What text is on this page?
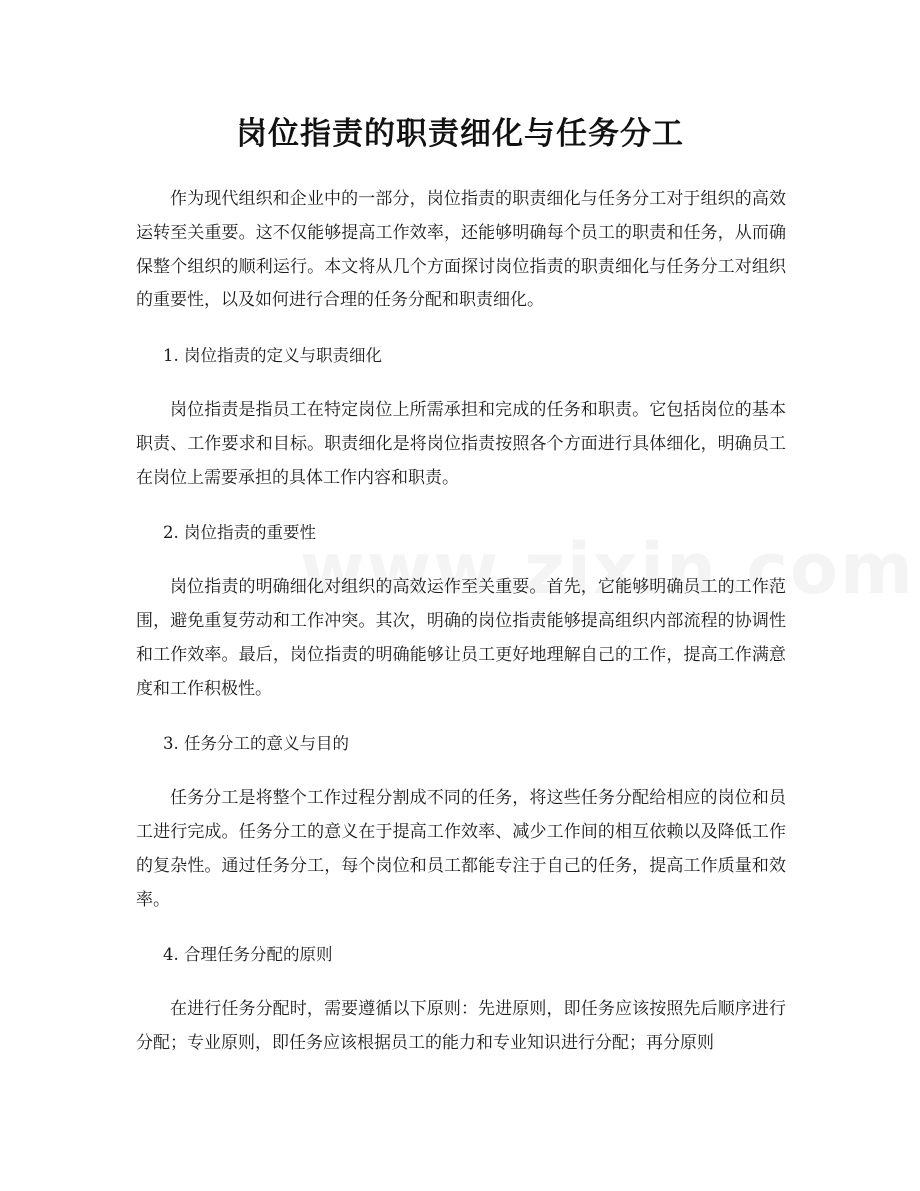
岗位指责的职责细化与任务分工

作为现代组织和企业中的一部分，岗位指责的职责细化与任务分工对于组织的高效运转至关重要。这不仅能够提高工作效率，还能够明确每个员工的职责和任务，从而确保整个组织的顺利运行。本文将从几个方面探讨岗位指责的职责细化与任务分工对组织的重要性，以及如何进行合理的任务分配和职责细化。

1. 岗位指责的定义与职责细化

岗位指责是指员工在特定岗位上所需承担和完成的任务和职责。它包括岗位的基本职责、工作要求和目标。职责细化是将岗位指责按照各个方面进行具体细化，明确员工在岗位上需要承担的具体工作内容和职责。

2. 岗位指责的重要性

岗位指责的明确细化对组织的高效运作至关重要。首先，它能够明确员工的工作范围，避免重复劳动和工作冲突。其次，明确的岗位指责能够提高组织内部流程的协调性和工作效率。最后，岗位指责的明确能够让员工更好地理解自己的工作，提高工作满意度和工作积极性。

3. 任务分工的意义与目的

任务分工是将整个工作过程分割成不同的任务，将这些任务分配给相应的岗位和员工进行完成。任务分工的意义在于提高工作效率、减少工作间的相互依赖以及降低工作的复杂性。通过任务分工，每个岗位和员工都能专注于自己的任务，提高工作质量和效率。

4. 合理任务分配的原则

在进行任务分配时，需要遵循以下原则：先进原则，即任务应该按照先后顺序进行分配；专业原则，即任务应该根据员工的能力和专业知识进行分配；再分原则
